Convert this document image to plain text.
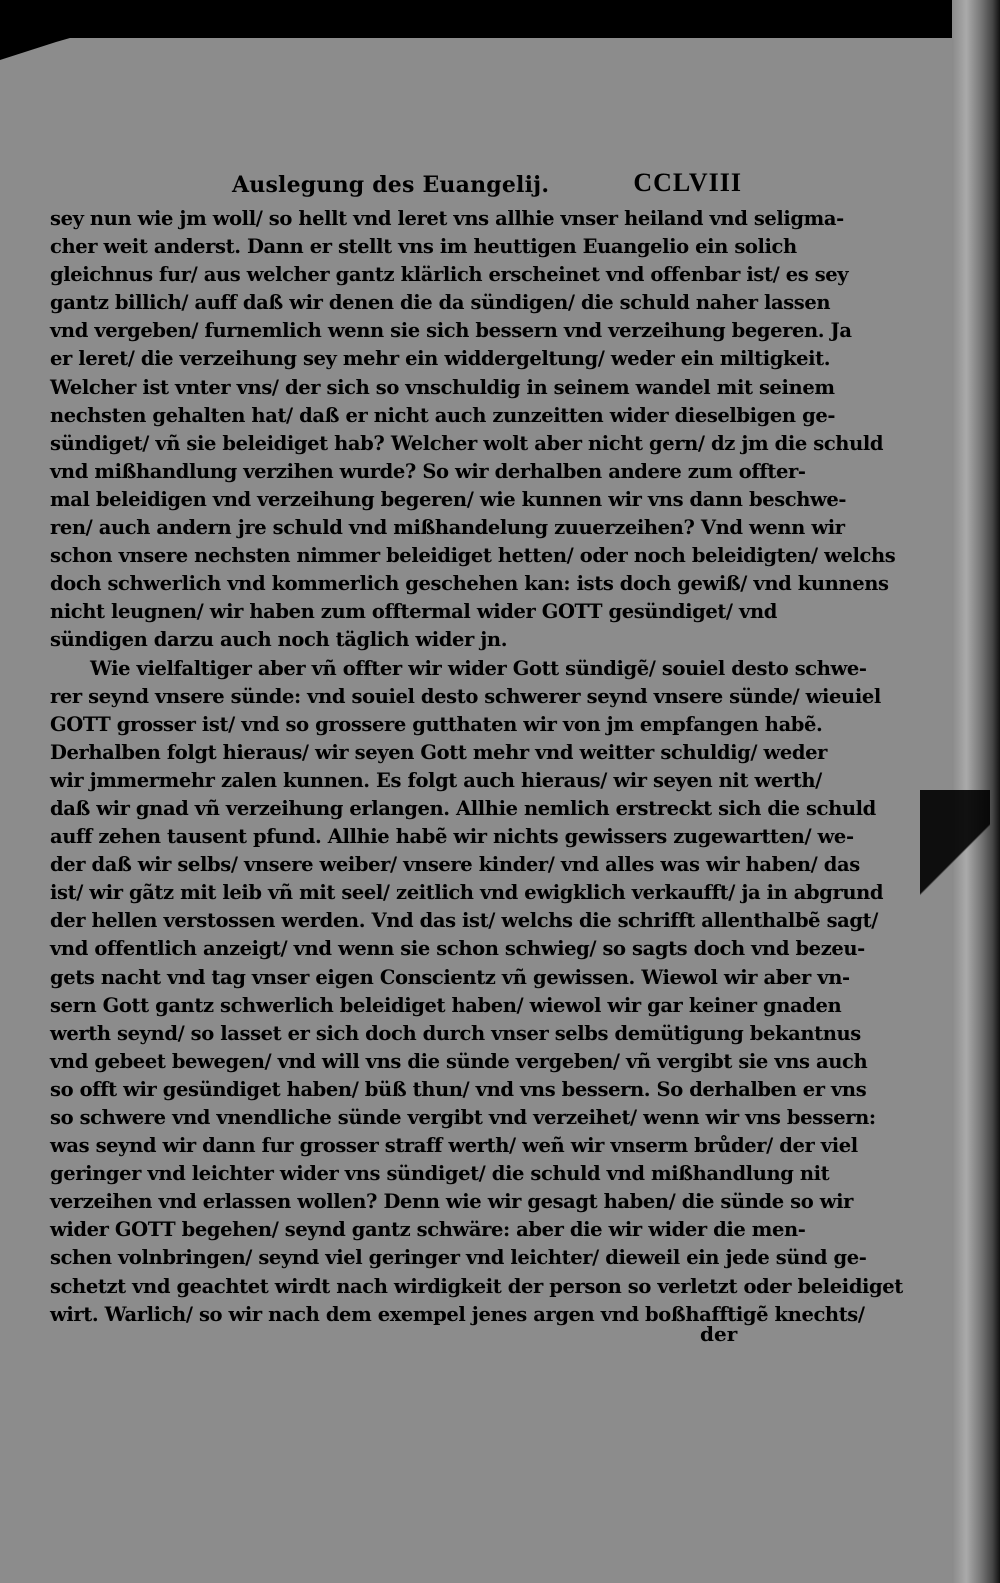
Auslegung des Euangelij.	CCLVIII
sey nun wie jm woll/ so hellt vnd leret vns allhie vnser heiland vnd seligma-
cher weit anderst. Dann er stellt vns im heuttigen Euangelio ein solich
gleichnus fur/ aus welcher gantz klärlich erscheinet vnd offenbar ist/ es sey
gantz billich/ auff daß wir denen die da sündigen/ die schuld naher lassen
vnd vergeben/ furnemlich wenn sie sich bessern vnd verzeihung begeren. Ja
er leret/ die verzeihung sey mehr ein widdergeltung/ weder ein miltigkeit.
Welcher ist vnter vns/ der sich so vnschuldig in seinem wandel mit seinem
nechsten gehalten hat/ daß er nicht auch zunzeitten wider dieselbigen ge-
sündiget/ vñ sie beleidiget hab? Welcher wolt aber nicht gern/ dz jm die schuld
vnd mißhandlung verzihen wurde? So wir derhalben andere zum offter-
mal beleidigen vnd verzeihung begeren/ wie kunnen wir vns dann beschwe-
ren/ auch andern jre schuld vnd mißhandelung zuuerzeihen? Vnd wenn wir
schon vnsere nechsten nimmer beleidiget hetten/ oder noch beleidigten/ welchs
doch schwerlich vnd kommerlich geschehen kan: ists doch gewiß/ vnd kunnens
nicht leugnen/ wir haben zum offtermal wider GOTT gesündiget/ vnd
sündigen darzu auch noch täglich wider jn.
Wie vielfaltiger aber vñ offter wir wider Gott sündigẽ/ souiel desto schwe-
rer seynd vnsere sünde: vnd souiel desto schwerer seynd vnsere sünde/ wieuiel
GOTT grosser ist/ vnd so grossere gutthaten wir von jm empfangen habẽ.
Derhalben folgt hieraus/ wir seyen Gott mehr vnd weitter schuldig/ weder
wir jmmermehr zalen kunnen. Es folgt auch hieraus/ wir seyen nit werth/
daß wir gnad vñ verzeihung erlangen. Allhie nemlich erstreckt sich die schuld
auff zehen tausent pfund. Allhie habẽ wir nichts gewissers zugewartten/ we-
der daß wir selbs/ vnsere weiber/ vnsere kinder/ vnd alles was wir haben/ das
ist/ wir gãtz mit leib vñ mit seel/ zeitlich vnd ewigklich verkaufft/ ja in abgrund
der hellen verstossen werden. Vnd das ist/ welchs die schrifft allenthalbẽ sagt/
vnd offentlich anzeigt/ vnd wenn sie schon schwieg/ so sagts doch vnd bezeu-
gets nacht vnd tag vnser eigen Conscientz vñ gewissen. Wiewol wir aber vn-
sern Gott gantz schwerlich beleidiget haben/ wiewol wir gar keiner gnaden
werth seynd/ so lasset er sich doch durch vnser selbs demütigung bekantnus
vnd gebeet bewegen/ vnd will vns die sünde vergeben/ vñ vergibt sie vns auch
so offt wir gesündiget haben/ büß thun/ vnd vns bessern. So derhalben er vns
so schwere vnd vnendliche sünde vergibt vnd verzeihet/ wenn wir vns bessern:
was seynd wir dann fur grosser straff werth/ weñ wir vnserm brůder/ der viel
geringer vnd leichter wider vns sündiget/ die schuld vnd mißhandlung nit
verzeihen vnd erlassen wollen? Denn wie wir gesagt haben/ die sünde so wir
wider GOTT begehen/ seynd gantz schwäre: aber die wir wider die men-
schen volnbringen/ seynd viel geringer vnd leichter/ dieweil ein jede sünd ge-
schetzt vnd geachtet wirdt nach wirdigkeit der person so verletzt oder beleidiget
wirt. Warlich/ so wir nach dem exempel jenes argen vnd boßhafftigẽ knechts/
der
